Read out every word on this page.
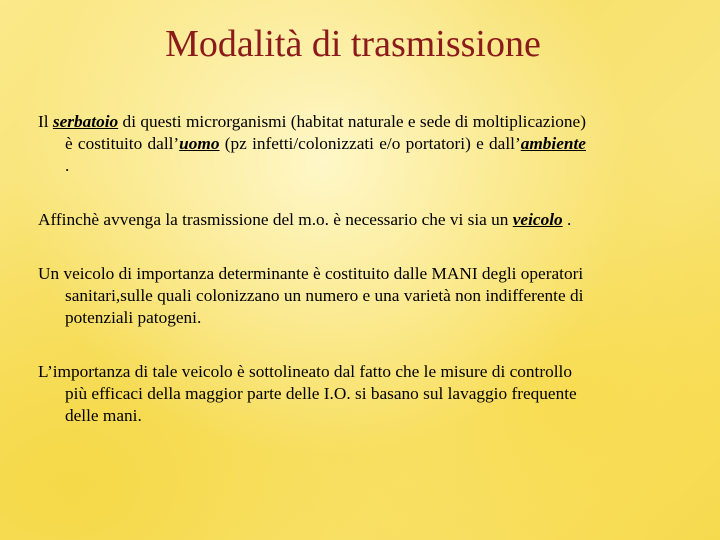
Modalità di trasmissione

Il serbatoio di questi microrganismi (habitat naturale e sede di moltiplicazione) è costituito dall’uomo (pz infetti/colonizzati e/o portatori) e dall’ambiente .

Affinchè avvenga la trasmissione del m.o. è necessario che vi sia un veicolo .

Un veicolo di importanza determinante è costituito dalle MANI degli operatori sanitari,sulle quali colonizzano un numero e una varietà non indifferente di potenziali patogeni.

L’importanza di tale veicolo è sottolineato dal fatto che le misure di controllo più efficaci della maggior parte delle I.O. si basano sul lavaggio frequente delle mani.
